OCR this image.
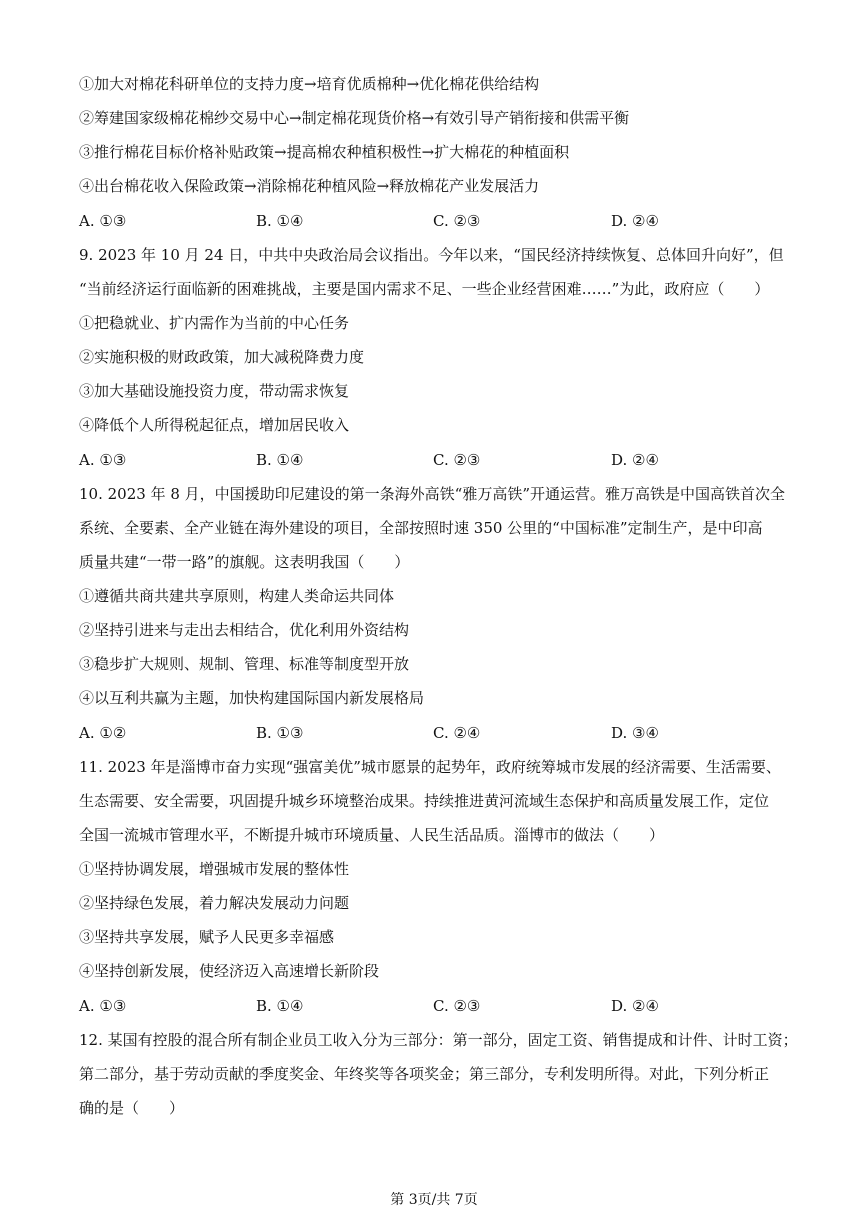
①加大对棉花科研单位的支持力度→培育优质棉种→优化棉花供给结构
②筹建国家级棉花棉纱交易中心→制定棉花现货价格→有效引导产销衔接和供需平衡
③推行棉花目标价格补贴政策→提高棉农种植积极性→扩大棉花的种植面积
④出台棉花收入保险政策→消除棉花种植风险→释放棉花产业发展活力
A. ①③	B. ①④	C. ②③	D. ②④
9. 2023 年 10 月 24 日，中共中央政治局会议指出。今年以来，“国民经济持续恢复、总体回升向好”，但
“当前经济运行面临新的困难挑战，主要是国内需求不足、一些企业经营困难……”为此，政府应（　　）
①把稳就业、扩内需作为当前的中心任务
②实施积极的财政政策，加大减税降费力度
③加大基础设施投资力度，带动需求恢复
④降低个人所得税起征点，增加居民收入
A. ①③	B. ①④	C. ②③	D. ②④
10. 2023 年 8 月，中国援助印尼建设的第一条海外高铁“雅万高铁”开通运营。雅万高铁是中国高铁首次全
系统、全要素、全产业链在海外建设的项目，全部按照时速 350 公里的“中国标准”定制生产，是中印高
质量共建“一带一路”的旗舰。这表明我国（　　）
①遵循共商共建共享原则，构建人类命运共同体
②坚持引进来与走出去相结合，优化利用外资结构
③稳步扩大规则、规制、管理、标准等制度型开放
④以互利共赢为主题，加快构建国际国内新发展格局
A. ①②	B. ①③	C. ②④	D. ③④
11. 2023 年是淄博市奋力实现“强富美优”城市愿景的起势年，政府统筹城市发展的经济需要、生活需要、
生态需要、安全需要，巩固提升城乡环境整治成果。持续推进黄河流域生态保护和高质量发展工作，定位
全国一流城市管理水平，不断提升城市环境质量、人民生活品质。淄博市的做法（　　）
①坚持协调发展，增强城市发展的整体性
②坚持绿色发展，着力解决发展动力问题
③坚持共享发展，赋予人民更多幸福感
④坚持创新发展，使经济迈入高速增长新阶段
A. ①③	B. ①④	C. ②③	D. ②④
12. 某国有控股的混合所有制企业员工收入分为三部分：第一部分，固定工资、销售提成和计件、计时工资；
第二部分，基于劳动贡献的季度奖金、年终奖等各项奖金；第三部分，专利发明所得。对此，下列分析正
确的是（　　）
第 3页/共 7页
